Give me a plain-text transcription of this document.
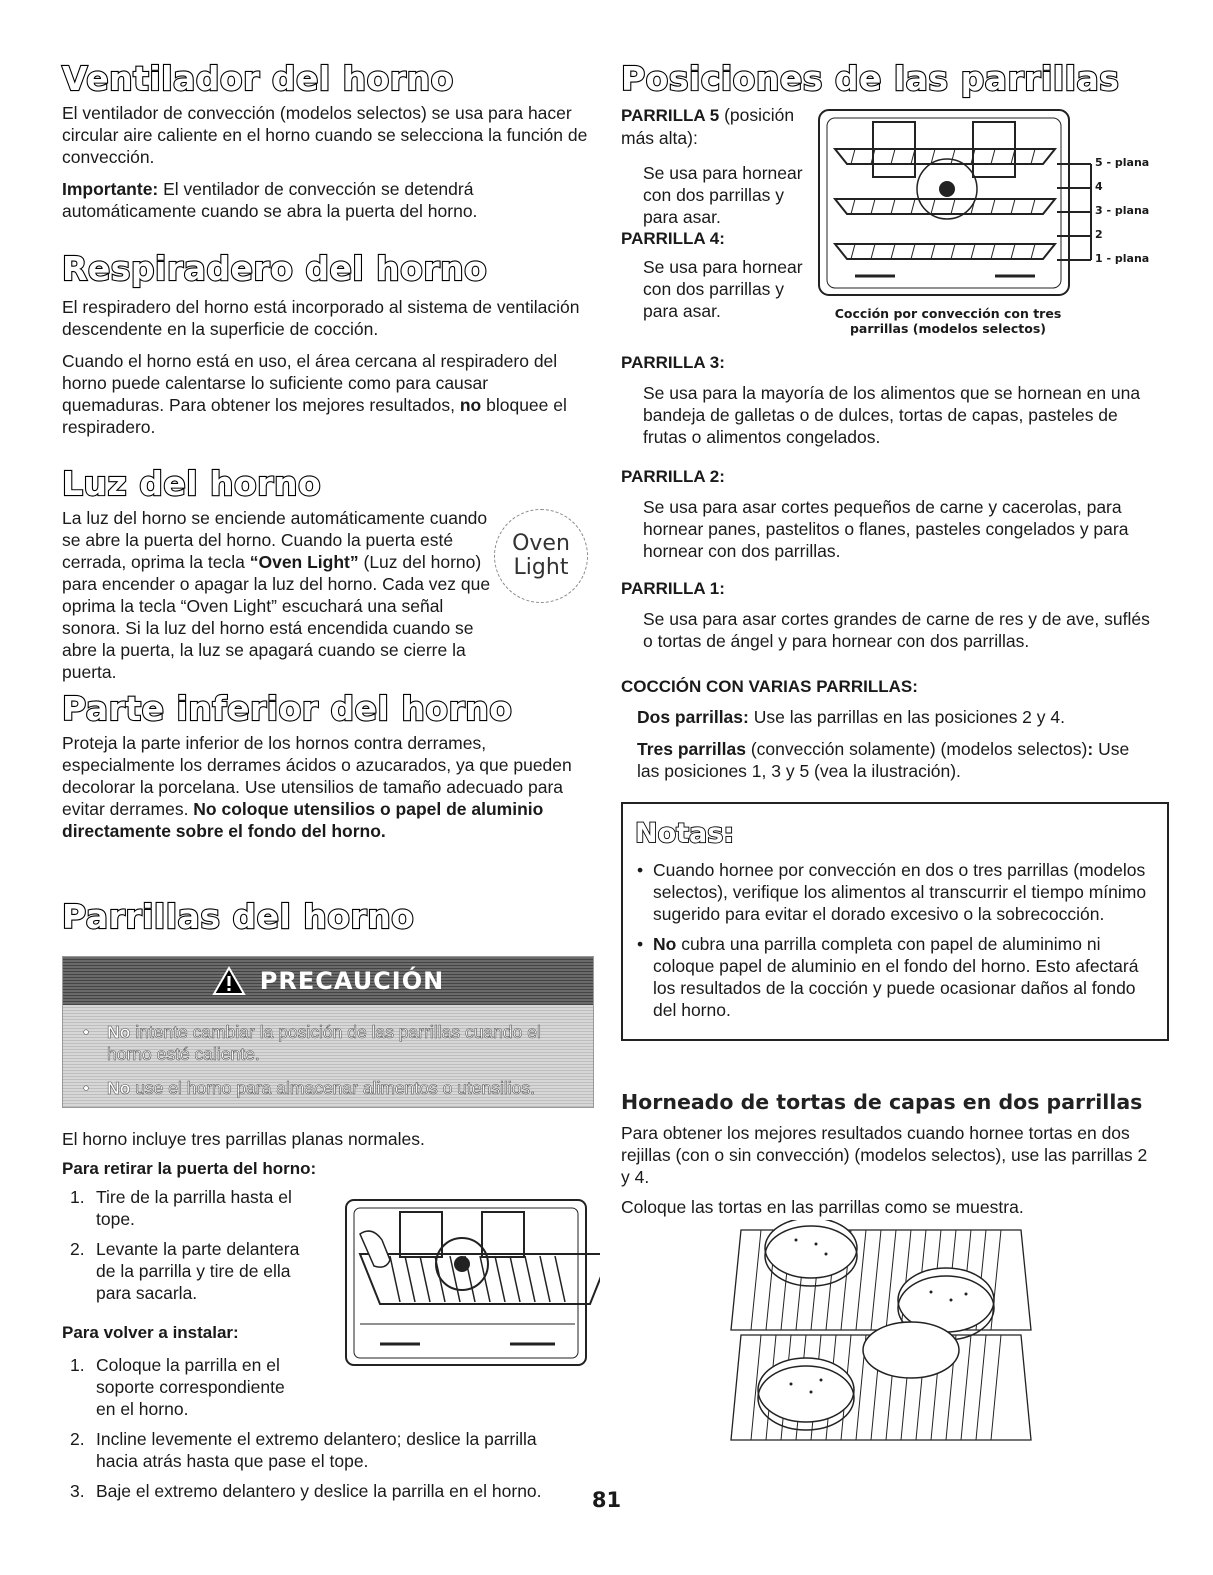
Ventilador del horno

El ventilador de convección (modelos selectos) se usa para hacer circular aire caliente en el horno cuando se selecciona la función de convección.

Importante: El ventilador de convección se detendrá automáticamente cuando se abra la puerta del horno.

Respiradero del horno

El respiradero del horno está incorporado al sistema de ventilación descendente en la superficie de cocción.

Cuando el horno está en uso, el área cercana al respiradero del horno puede calentarse lo suficiente como para causar quemaduras. Para obtener los mejores resultados, no bloquee el respiradero.

Luz del horno
Oven
Light

La luz del horno se enciende automáticamente cuando se abre la puerta del horno. Cuando la puerta esté cerrada, oprima la tecla “Oven Light” (Luz del horno) para encender o apagar la luz del horno. Cada vez que oprima la tecla “Oven Light” escuchará una señal sonora. Si la luz del horno está encendida cuando se abre la puerta, la luz se apagará cuando se cierre la puerta.

Parte inferior del horno

Proteja la parte inferior de los hornos contra derrames, especialmente los derrames ácidos o azucarados, ya que pueden decolorar la porcelana. Use utensilios de tamaño adecuado para evitar derrames. No coloque utensilios o papel de aluminio directamente sobre el fondo del horno.

Parrillas del horno
PRECAUCIÓN
• No intente cambiar la posición de las parrillas cuando el horno esté caliente.
• No use el horno para almacenar alimentos o utensilios.

El horno incluye tres parrillas planas normales.

Para retirar la puerta del horno:

1. Tire de la parrilla hasta el tope.
2. Levante la parte delantera de la parrilla y tire de ella para sacarla.

Para volver a instalar:

1. Coloque la parrilla en el soporte correspondiente en el horno.
2. Incline levemente el extremo delantero; deslice la parrilla hacia atrás hasta que pase el tope.
3. Baje el extremo delantero y deslice la parrilla en el horno.
Posiciones de las parrillas
5 - plana
4
3 - plana
2
1 - plana
Cocción por convección con tres
parrillas (modelos selectos)

PARRILLA 5 (posición más alta):

Se usa para hornear con dos parrillas y para asar.

PARRILLA 4:

Se usa para hornear con dos parrillas y para asar.

PARRILLA 3:

Se usa para la mayoría de los alimentos que se hornean en una bandeja de galletas o de dulces, tortas de capas, pasteles de frutas o alimentos congelados.

PARRILLA 2:

Se usa para asar cortes pequeños de carne y cacerolas, para hornear panes, pastelitos o flanes, pasteles congelados y para hornear con dos parrillas.

PARRILLA 1:

Se usa para asar cortes grandes de carne de res y de ave, suflés o tortas de ángel y para hornear con dos parrillas.

COCCIÓN CON VARIAS PARRILLAS:

Dos parrillas: Use las parrillas en las posiciones 2 y 4.

Tres parrillas (convección solamente) (modelos selectos): Use las posiciones 1, 3 y 5 (vea la ilustración).

Notas:
• Cuando hornee por convección en dos o tres parrillas (modelos selectos), verifique los alimentos al transcurrir el tiempo mínimo sugerido para evitar el dorado excesivo o la sobrecocción.
• No cubra una parrilla completa con papel de aluminimo ni coloque papel de aluminio en el fondo del horno. Esto afectará los resultados de la cocción y puede ocasionar daños al fondo del horno.
Horneado de tortas de capas en dos parrillas

Para obtener los mejores resultados cuando hornee tortas en dos rejillas (con o sin convección) (modelos selectos), use las parrillas 2 y 4.

Coloque las tortas en las parrillas como se muestra.

81
